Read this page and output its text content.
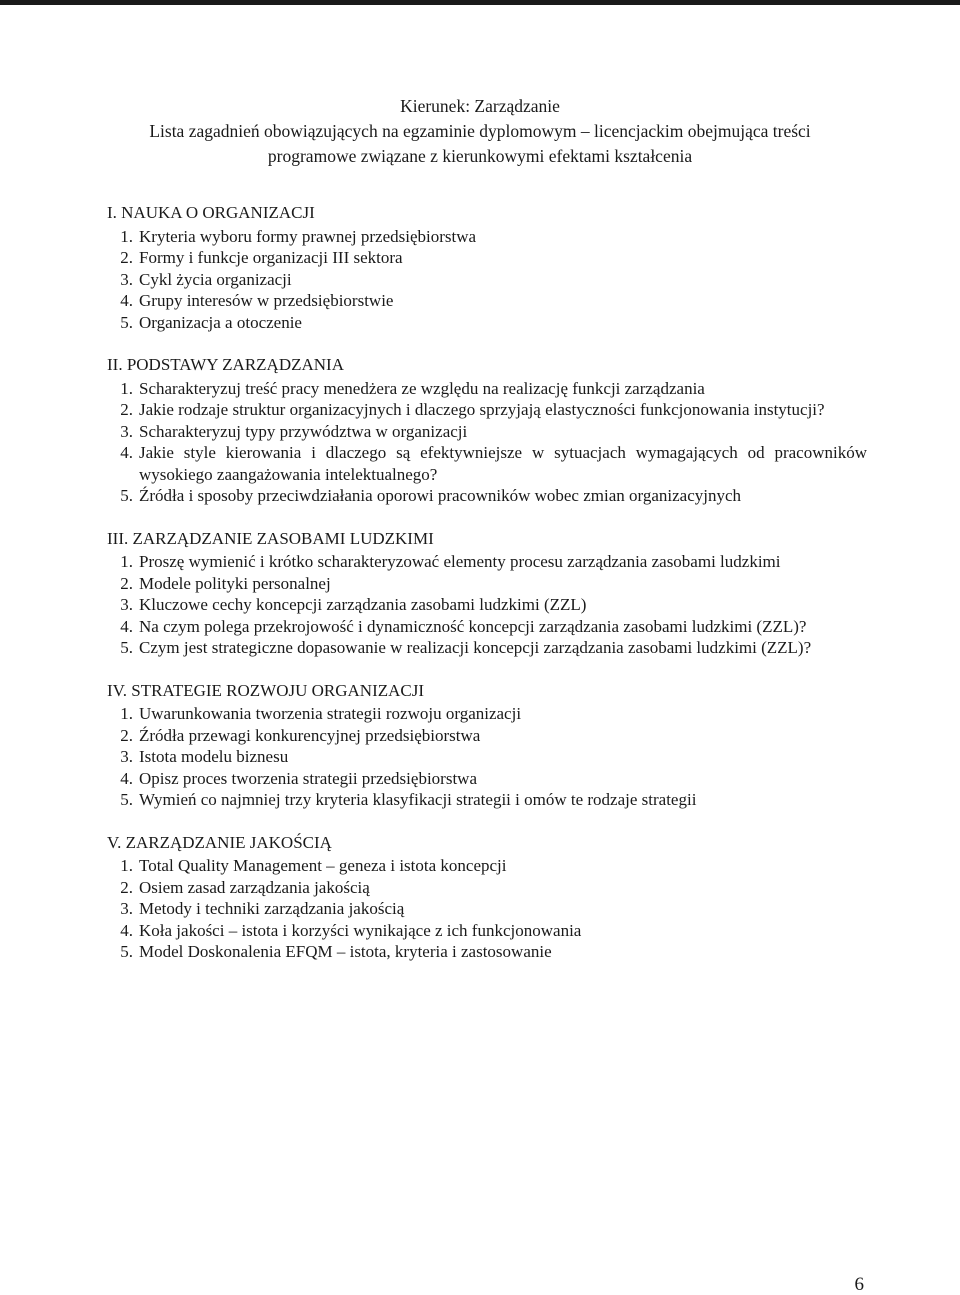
Kierunek: Zarządzanie
Lista zagadnień obowiązujących na egzaminie dyplomowym – licencjackim obejmująca treści
programowe związane z kierunkowymi efektami kształcenia
I. NAUKA O ORGANIZACJI
1. Kryteria wyboru formy prawnej przedsiębiorstwa
2. Formy i funkcje organizacji III sektora
3. Cykl życia organizacji
4. Grupy interesów w przedsiębiorstwie
5. Organizacja a otoczenie
II. PODSTAWY ZARZĄDZANIA
1. Scharakteryzuj treść pracy menedżera ze względu na realizację funkcji zarządzania
2. Jakie rodzaje struktur organizacyjnych i dlaczego sprzyjają elastyczności funkcjonowania instytucji?
3. Scharakteryzuj typy przywództwa w organizacji
4. Jakie style kierowania i dlaczego są efektywniejsze w sytuacjach wymagających od pracowników wysokiego zaangażowania intelektualnego?
5. Źródła i sposoby przeciwdziałania oporowi pracowników wobec zmian organizacyjnych
III. ZARZĄDZANIE ZASOBAMI LUDZKIMI
1. Proszę wymienić i krótko scharakteryzować elementy procesu zarządzania zasobami ludzkimi
2. Modele polityki personalnej
3. Kluczowe cechy koncepcji zarządzania zasobami ludzkimi (ZZL)
4. Na czym polega przekrojowość i dynamiczność koncepcji zarządzania zasobami ludzkimi (ZZL)?
5. Czym jest strategiczne dopasowanie w realizacji koncepcji zarządzania zasobami ludzkimi (ZZL)?
IV. STRATEGIE ROZWOJU ORGANIZACJI
1. Uwarunkowania tworzenia strategii rozwoju organizacji
2. Źródła przewagi konkurencyjnej przedsiębiorstwa
3. Istota modelu biznesu
4. Opisz proces tworzenia strategii przedsiębiorstwa
5. Wymień co najmniej trzy kryteria klasyfikacji strategii i omów te rodzaje strategii
V. ZARZĄDZANIE JAKOŚCIĄ
1. Total Quality Management – geneza i istota koncepcji
2. Osiem zasad zarządzania jakością
3. Metody i techniki zarządzania jakością
4. Koła jakości – istota i korzyści wynikające z ich funkcjonowania
5. Model Doskonalenia EFQM – istota, kryteria i zastosowanie
6
